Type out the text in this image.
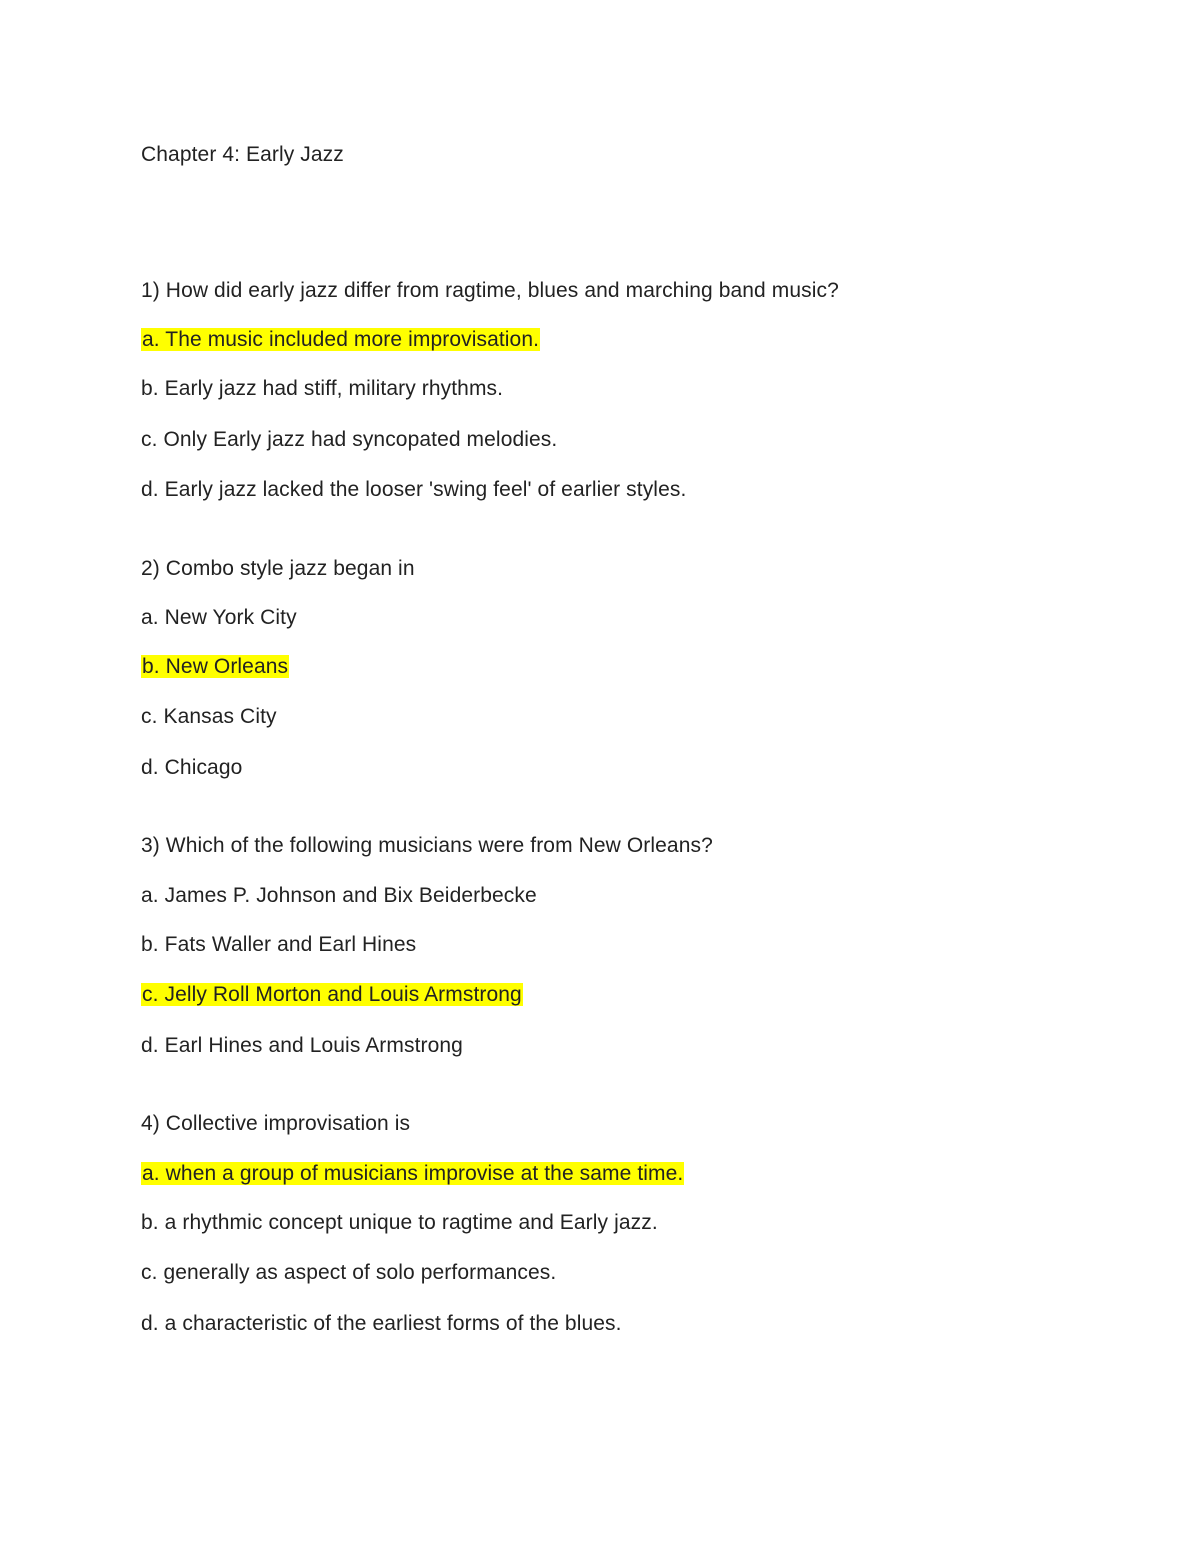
Chapter 4: Early Jazz
1) How did early jazz differ from ragtime, blues and marching band music?
a. The music included more improvisation.
b. Early jazz had stiff, military rhythms.
c. Only Early jazz had syncopated melodies.
d. Early jazz lacked the looser 'swing feel' of earlier styles.
2) Combo style jazz began in
a. New York City
b. New Orleans
c. Kansas City
d. Chicago
3) Which of the following musicians were from New Orleans?
a. James P. Johnson and Bix Beiderbecke
b. Fats Waller and Earl Hines
c. Jelly Roll Morton and Louis Armstrong
d. Earl Hines and Louis Armstrong
4) Collective improvisation is
a. when a group of musicians improvise at the same time.
b. a rhythmic concept unique to ragtime and Early jazz.
c. generally as aspect of solo performances.
d. a characteristic of the earliest forms of the blues.
